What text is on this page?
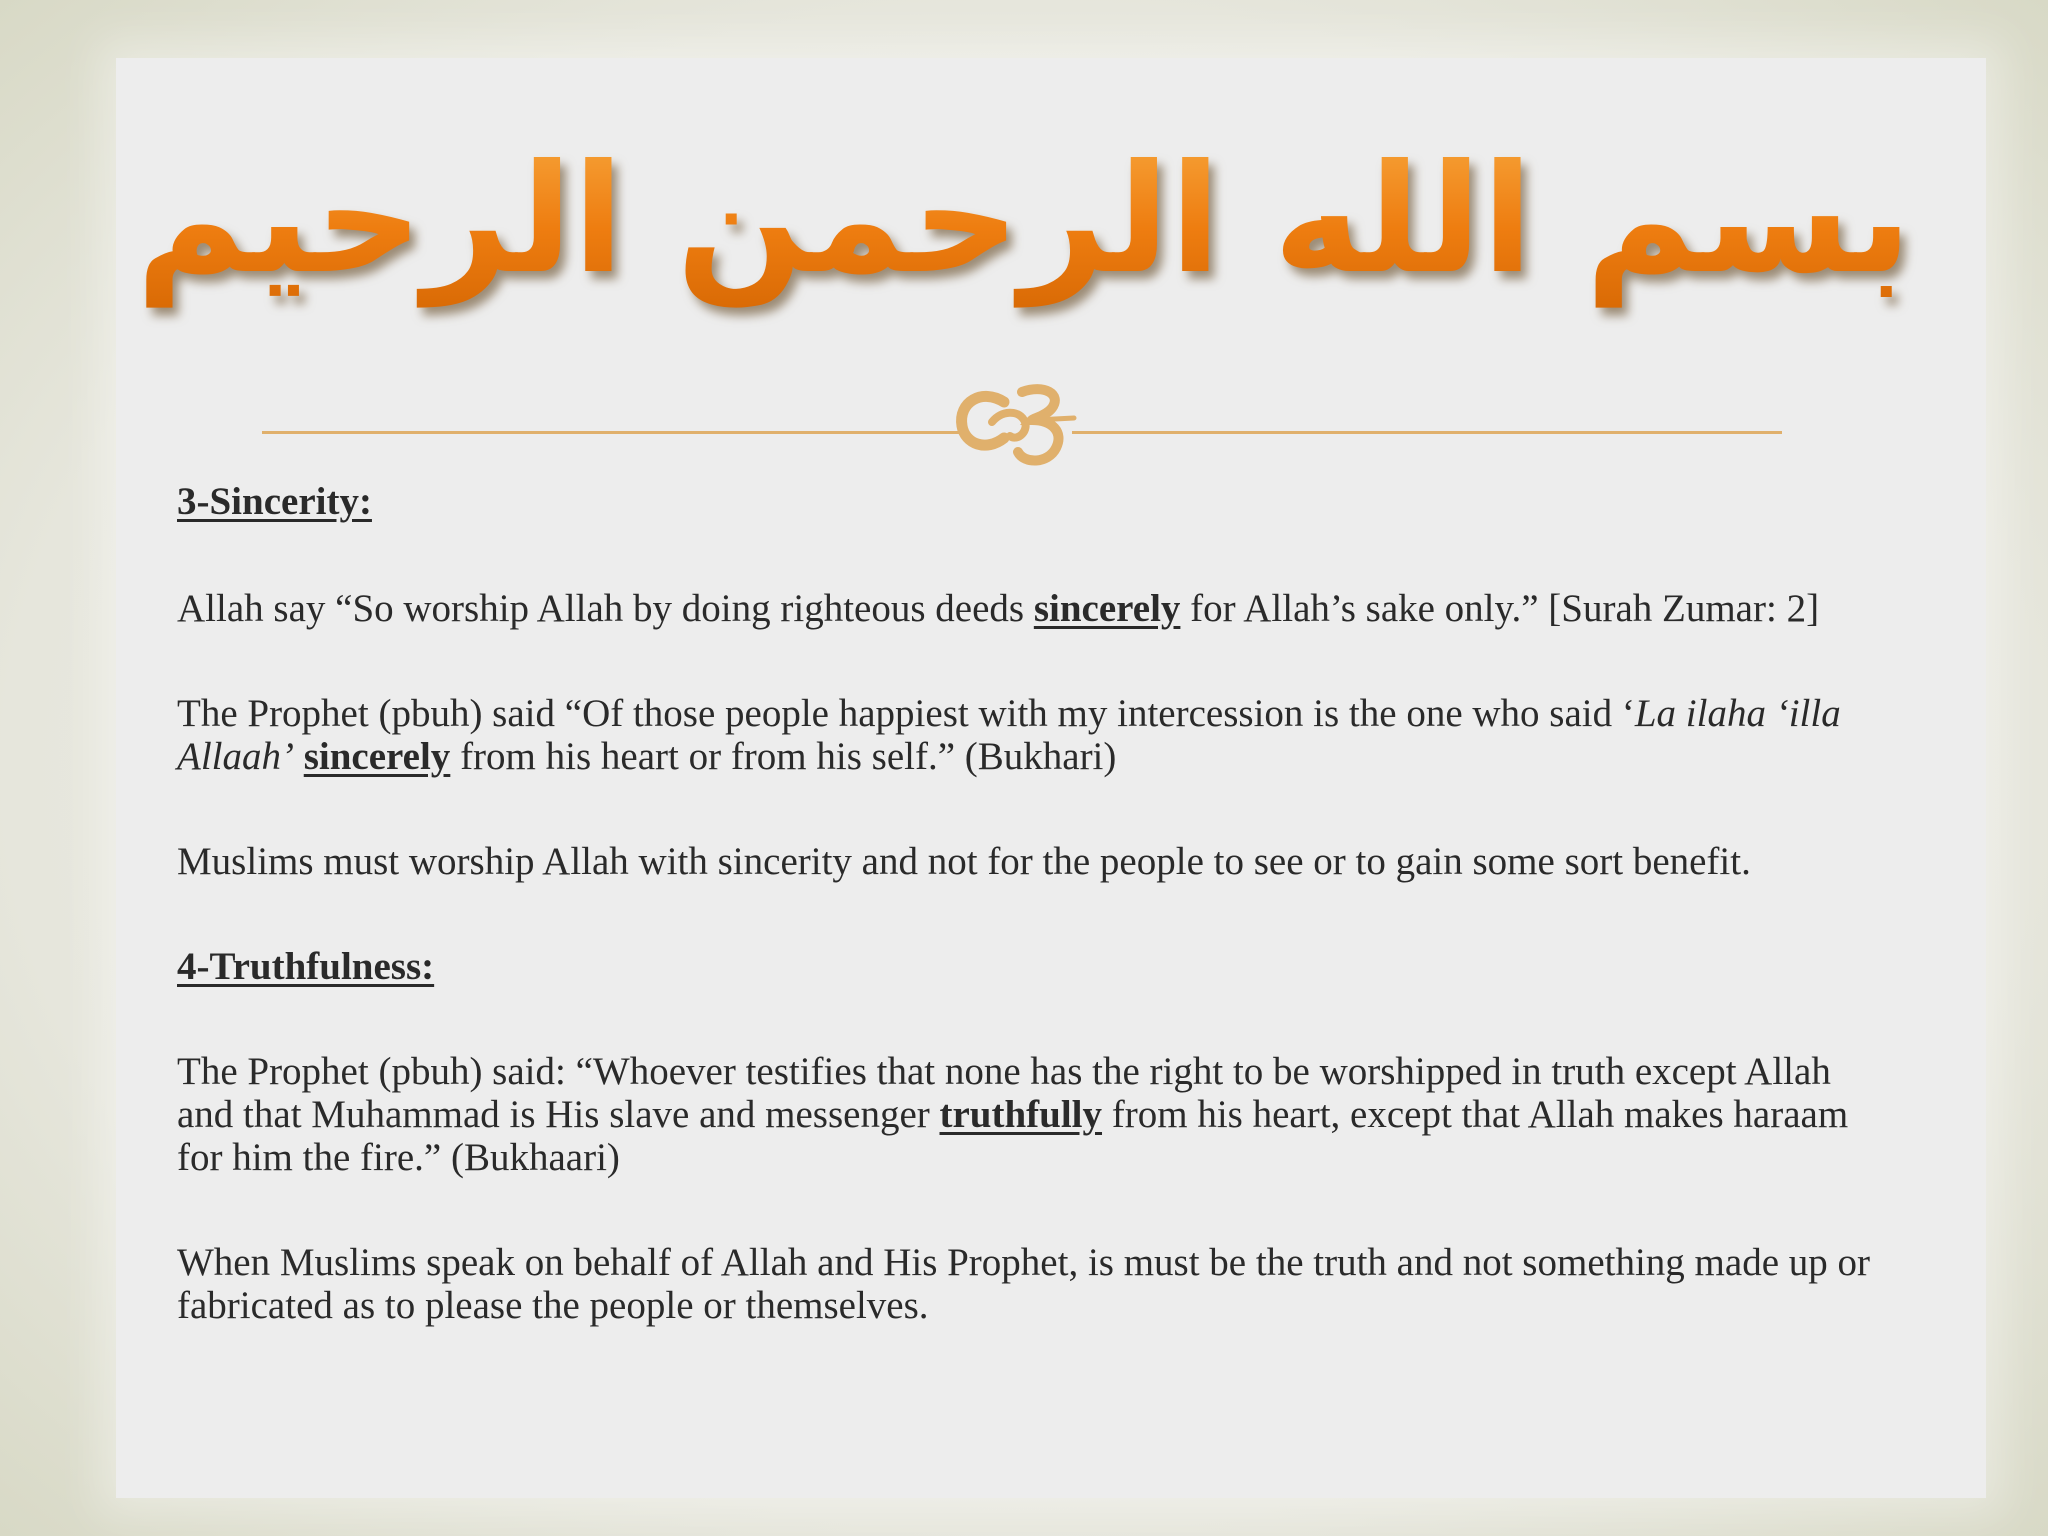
بسم الله الرحمن الرحيم

3-Sincerity:

Allah say “So worship Allah by doing righteous deeds sincerely for Allah’s sake only.” [Surah Zumar: 2]

The Prophet (pbuh) said “Of those people happiest with my intercession is the one who said ‘La ilaha ‘illa Allaah’ sincerely from his heart or from his self.” (Bukhari)

Muslims must worship Allah with sincerity and not for the people to see or to gain some sort benefit.

4-Truthfulness:

The Prophet (pbuh) said: “Whoever testifies that none has the right to be worshipped in truth except Allah and that Muhammad is His slave and messenger truthfully from his heart, except that Allah makes haraam for him the fire.” (Bukhaari)

When Muslims speak on behalf of Allah and His Prophet, is must be the truth and not something made up or fabricated as to please the people or themselves.
